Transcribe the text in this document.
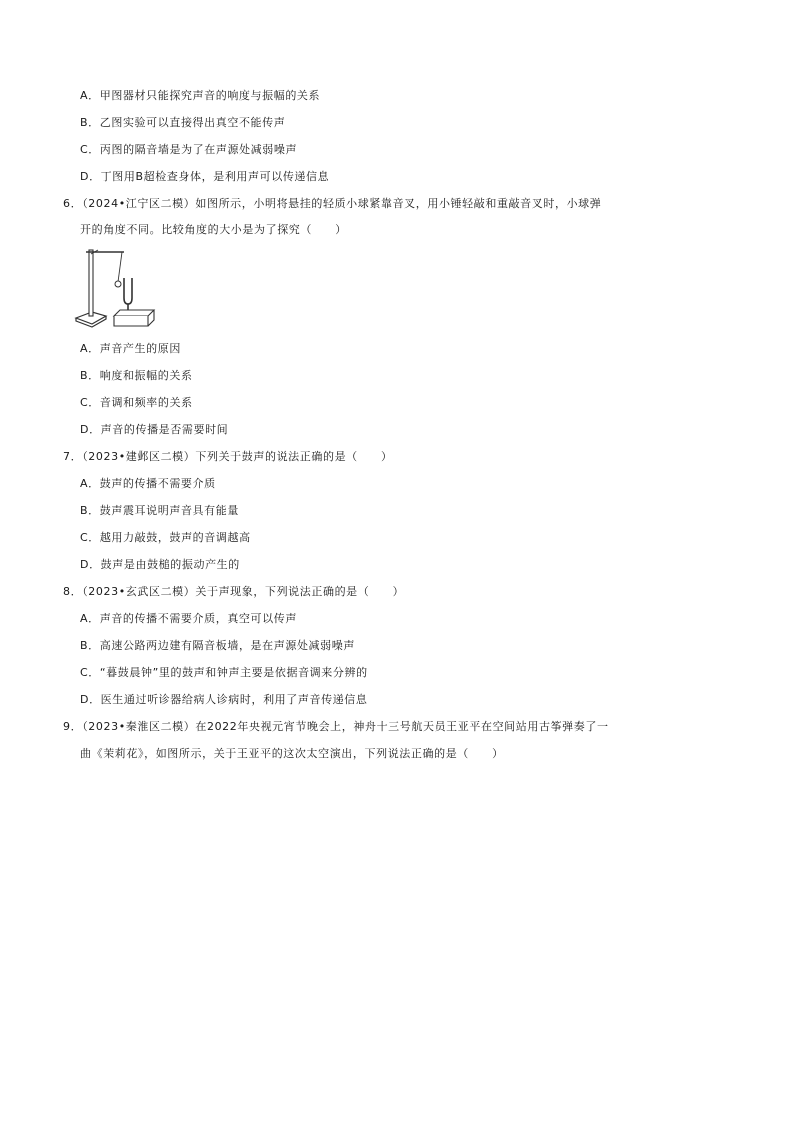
A．甲图器材只能探究声音的响度与振幅的关系
B．乙图实验可以直接得出真空不能传声
C．丙图的隔音墙是为了在声源处减弱噪声
D．丁图用B超检查身体，是利用声可以传递信息
6．（2024•江宁区二模）如图所示，小明将悬挂的轻质小球紧靠音叉，用小锤轻敲和重敲音叉时，小球弹
开的角度不同。比较角度的大小是为了探究（　　）
A．声音产生的原因
B．响度和振幅的关系
C．音调和频率的关系
D．声音的传播是否需要时间
7．（2023•建邺区二模）下列关于鼓声的说法正确的是（　　）
A．鼓声的传播不需要介质
B．鼓声震耳说明声音具有能量
C．越用力敲鼓，鼓声的音调越高
D．鼓声是由鼓槌的振动产生的
8．（2023•玄武区二模）关于声现象，下列说法正确的是（　　）
A．声音的传播不需要介质，真空可以传声
B．高速公路两边建有隔音板墙，是在声源处减弱噪声
C．“暮鼓晨钟”里的鼓声和钟声主要是依据音调来分辨的
D．医生通过听诊器给病人诊病时，利用了声音传递信息
9．（2023•秦淮区二模）在2022年央视元宵节晚会上，神舟十三号航天员王亚平在空间站用古筝弹奏了一
曲《茉莉花》，如图所示，关于王亚平的这次太空演出，下列说法正确的是（　　）
